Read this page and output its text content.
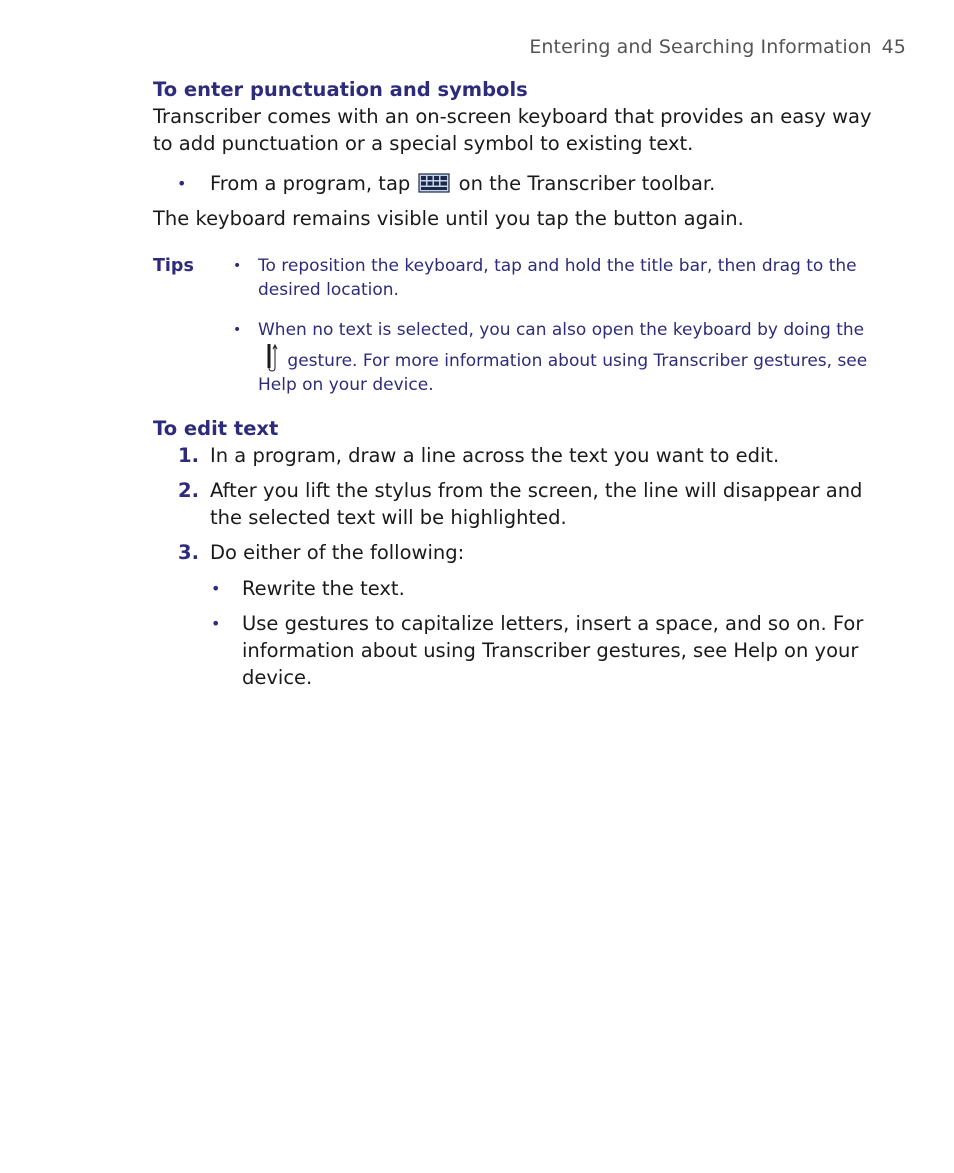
Entering and Searching Information 45
To enter punctuation and symbols

Transcriber comes with an on-screen keyboard that provides an easy way to add punctuation or a special symbol to existing text.

• From a program, tap on the Transcriber toolbar.

The keyboard remains visible until you tap the button again.

Tips	• To reposition the keyboard, tap and hold the title bar, then drag to the desired location.
• When no text is selected, you can also open the keyboard by doing the  gesture. For more information about using Transcriber gestures, see Help on your device.
To edit text
1. In a program, draw a line across the text you want to edit.
2. After you lift the stylus from the screen, the line will disappear and the selected text will be highlighted.
3. Do either of the following:
• Rewrite the text.
• Use gestures to capitalize letters, insert a space, and so on. For information about using Transcriber gestures, see Help on your device.
